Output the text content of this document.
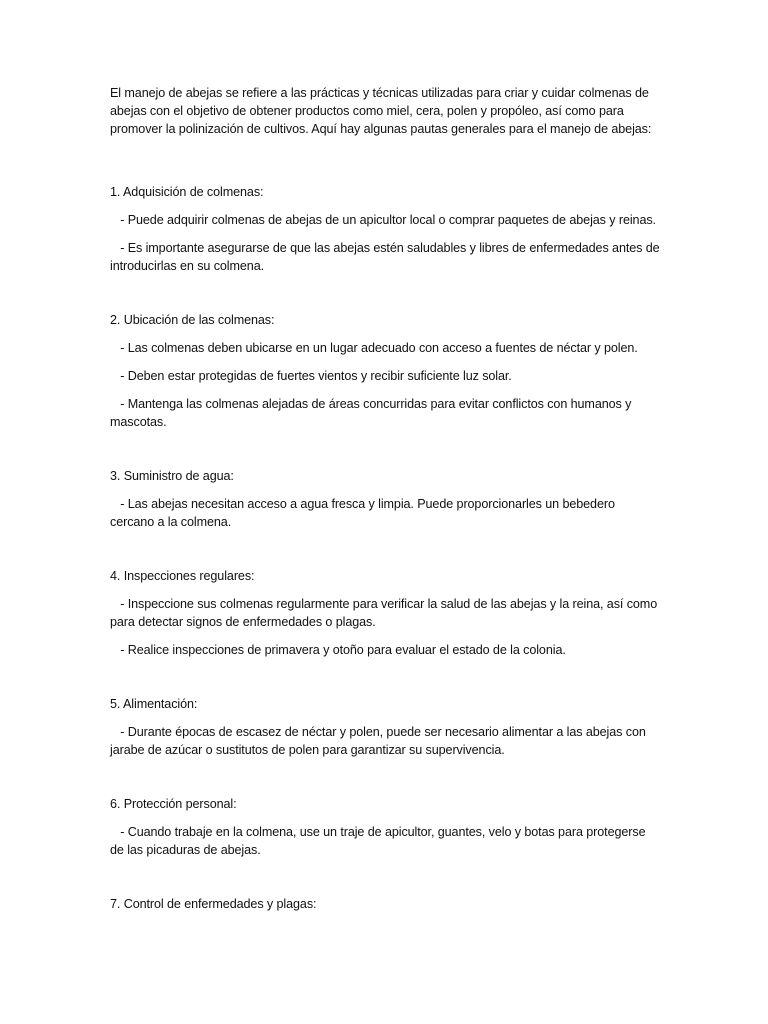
El manejo de abejas se refiere a las prácticas y técnicas utilizadas para criar y cuidar colmenas de abejas con el objetivo de obtener productos como miel, cera, polen y propóleo, así como para promover la polinización de cultivos. Aquí hay algunas pautas generales para el manejo de abejas:

1. Adquisición de colmenas:

- Puede adquirir colmenas de abejas de un apicultor local o comprar paquetes de abejas y reinas.

- Es importante asegurarse de que las abejas estén saludables y libres de enfermedades antes de introducirlas en su colmena.

2. Ubicación de las colmenas:

- Las colmenas deben ubicarse en un lugar adecuado con acceso a fuentes de néctar y polen.

- Deben estar protegidas de fuertes vientos y recibir suficiente luz solar.

- Mantenga las colmenas alejadas de áreas concurridas para evitar conflictos con humanos y mascotas.

3. Suministro de agua:

- Las abejas necesitan acceso a agua fresca y limpia. Puede proporcionarles un bebedero cercano a la colmena.

4. Inspecciones regulares:

- Inspeccione sus colmenas regularmente para verificar la salud de las abejas y la reina, así como para detectar signos de enfermedades o plagas.

- Realice inspecciones de primavera y otoño para evaluar el estado de la colonia.

5. Alimentación:

- Durante épocas de escasez de néctar y polen, puede ser necesario alimentar a las abejas con jarabe de azúcar o sustitutos de polen para garantizar su supervivencia.

6. Protección personal:

- Cuando trabaje en la colmena, use un traje de apicultor, guantes, velo y botas para protegerse de las picaduras de abejas.

7. Control de enfermedades y plagas:
